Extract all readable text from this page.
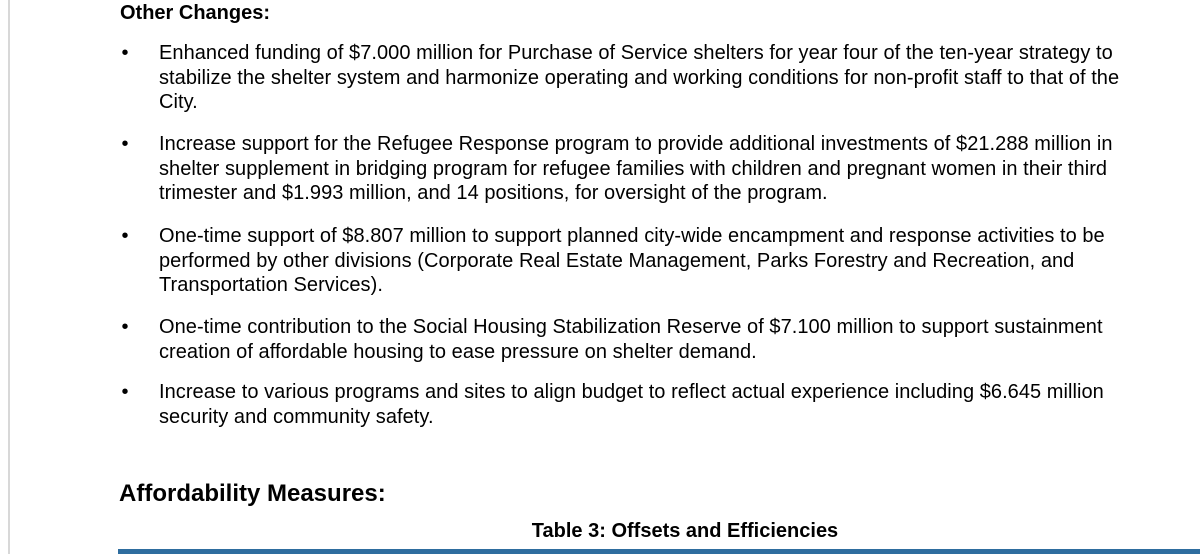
Other Changes:
• Enhanced funding of $7.000 million for Purchase of Service shelters for year four of the ten-year strategy to
stabilize the shelter system and harmonize operating and working conditions for non-profit staff to that of the
City.
• Increase support for the Refugee Response program to provide additional investments of $21.288 million in
shelter supplement in bridging program for refugee families with children and pregnant women in their third
trimester and $1.993 million, and 14 positions, for oversight of the program.
• One-time support of $8.807 million to support planned city-wide encampment and response activities to be
performed by other divisions (Corporate Real Estate Management, Parks Forestry and Recreation, and
Transportation Services).
• One-time contribution to the Social Housing Stabilization Reserve of $7.100 million to support sustainment
creation of affordable housing to ease pressure on shelter demand.
• Increase to various programs and sites to align budget to reflect actual experience including $6.645 million
security and community safety.
Affordability Measures:
Table 3: Offsets and Efficiencies
